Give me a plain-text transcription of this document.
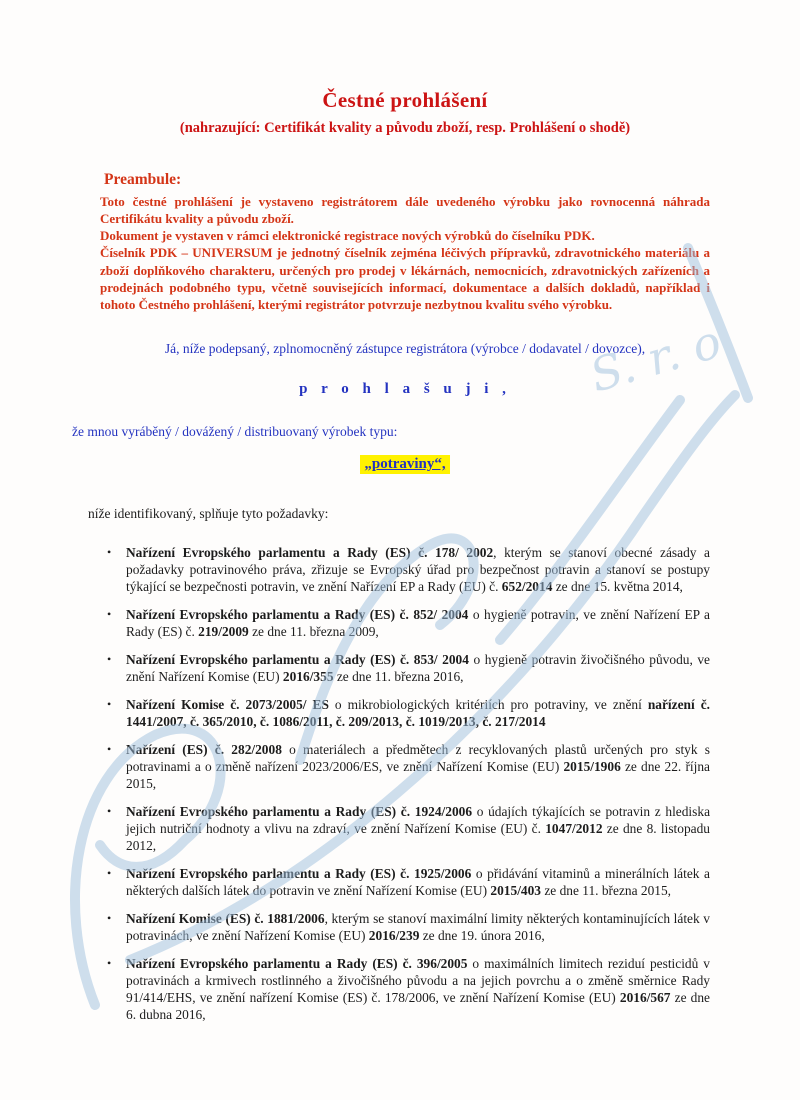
S. r. o.
Čestné prohlášení
(nahrazující: Certifikát kvality a původu zboží, resp. Prohlášení o shodě)
Preambule:

Toto čestné prohlášení je vystaveno registrátorem dále uvedeného výrobku jako rovnocenná náhrada Certifikátu kvality a původu zboží.

Dokument je vystaven v rámci elektronické registrace nových výrobků do číselníku PDK.

Číselník PDK – UNIVERSUM je jednotný číselník zejména léčivých přípravků, zdravotnického materiálu a zboží doplňkového charakteru, určených pro prodej v lékárnách, nemocnicích, zdravotnických zařízeních a prodejnách podobného typu, včetně souvisejících informací, dokumentace a dalších dokladů, například i tohoto Čestného prohlášení, kterými registrátor potvrzuje nezbytnou kvalitu svého výrobku.

Já, níže podepsaný, zplnomocněný zástupce registrátora (výrobce / dodavatel / dovozce),
p r o h l a š u j i ,
že mnou vyráběný / dovážený / distribuovaný výrobek typu:
„potraviny“,
níže identifikovaný, splňuje tyto požadavky:
• Nařízení Evropského parlamentu a Rady (ES) č. 178/ 2002, kterým se stanoví obecné zásady a požadavky potravinového práva, zřizuje se Evropský úřad pro bezpečnost potravin a stanoví se postupy týkající se bezpečnosti potravin, ve znění Nařízení EP a Rady (EU) č. 652/2014 ze dne 15. května 2014,
• Nařízení Evropského parlamentu a Rady (ES) č. 852/ 2004 o hygieně potravin, ve znění Nařízení EP a Rady (ES) č. 219/2009 ze dne 11. března 2009,
• Nařízení Evropského parlamentu a Rady (ES) č. 853/ 2004 o hygieně potravin živočišného původu, ve znění Nařízení Komise (EU) 2016/355 ze dne 11. března 2016,
• Nařízení Komise č. 2073/2005/ ES o mikrobiologických kritériích pro potraviny, ve znění nařízení č. 1441/2007, č. 365/2010, č. 1086/2011, č. 209/2013, č. 1019/2013, č. 217/2014
• Nařízení (ES) č. 282/2008 o materiálech a předmětech z recyklovaných plastů určených pro styk s potravinami a o změně nařízení 2023/2006/ES, ve znění Nařízení Komise (EU) 2015/1906 ze dne 22. října 2015,
• Nařízení Evropského parlamentu a Rady (ES) č. 1924/2006 o údajích týkajících se potravin z hlediska jejich nutriční hodnoty a vlivu na zdraví, ve znění Nařízení Komise (EU) č. 1047/2012 ze dne 8. listopadu 2012,
• Nařízení Evropského parlamentu a Rady (ES) č. 1925/2006 o přidávání vitaminů a minerálních látek a některých dalších látek do potravin ve znění Nařízení Komise (EU) 2015/403 ze dne 11. března 2015,
• Nařízení Komise (ES) č. 1881/2006, kterým se stanoví maximální limity některých kontaminujících látek v potravinách, ve znění Nařízení Komise (EU) 2016/239 ze dne 19. února 2016,
• Nařízení Evropského parlamentu a Rady (ES) č. 396/2005 o maximálních limitech reziduí pesticidů v potravinách a krmivech rostlinného a živočišného původu a na jejich povrchu a o změně směrnice Rady 91/414/EHS, ve znění nařízení Komise (ES) č. 178/2006, ve znění Nařízení Komise (EU) 2016/567 ze dne 6. dubna 2016,
